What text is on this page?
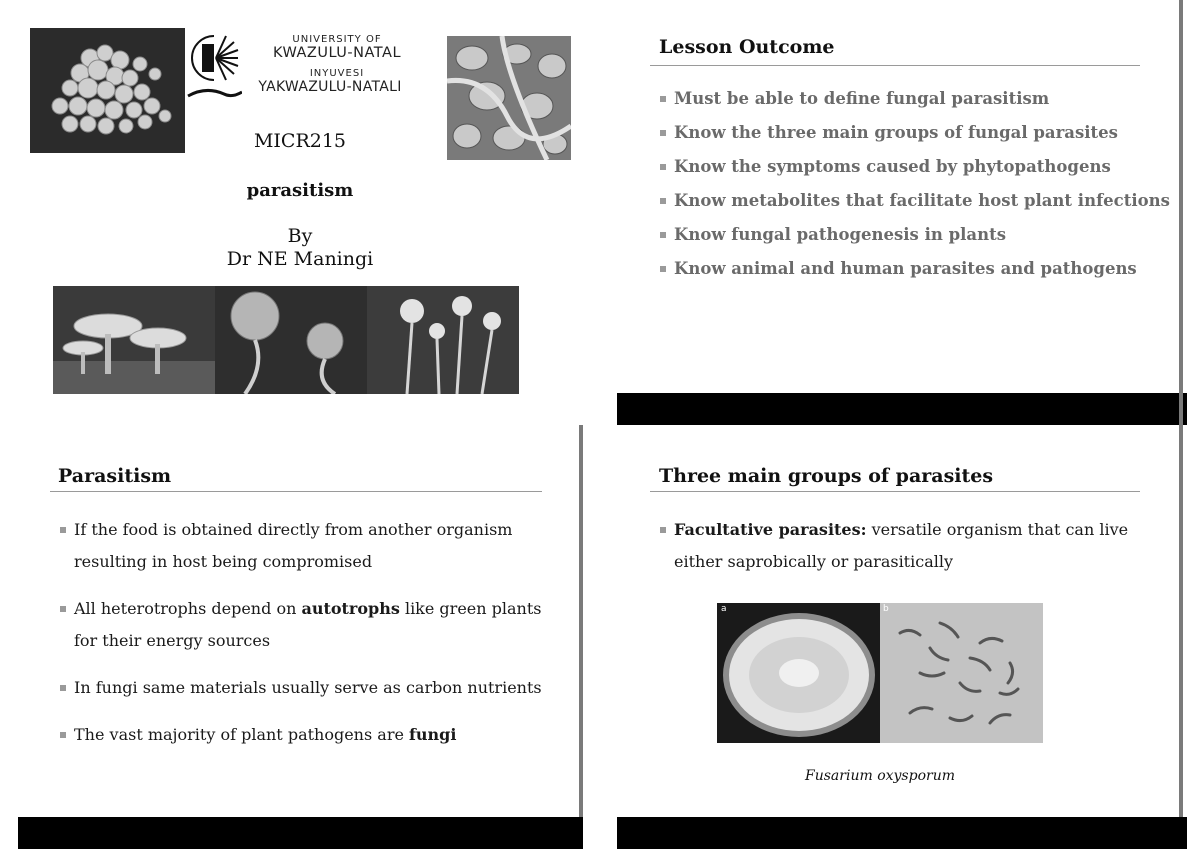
UNIVERSITY OF
KWAZULU-NATAL
INYUVESI
YAKWAZULU-NATALI
MICR215
parasitism
By
Dr NE Maningi
Lesson Outcome
Must be able to define fungal parasitism
Know the three main groups of fungal parasites
Know the symptoms caused by phytopathogens
Know metabolites that facilitate host plant infections
Know fungal pathogenesis in plants
Know animal and human parasites and pathogens
Parasitism
If the food is obtained directly from another organism resulting in host being compromised
All heterotrophs depend on autotrophs like green plants for their energy sources
In fungi same materials usually serve as carbon nutrients
The vast majority of plant pathogens are fungi
Three main groups of parasites
Facultative parasites: versatile organism that can live either saprobically or parasitically
a	b
Fusarium oxysporum
